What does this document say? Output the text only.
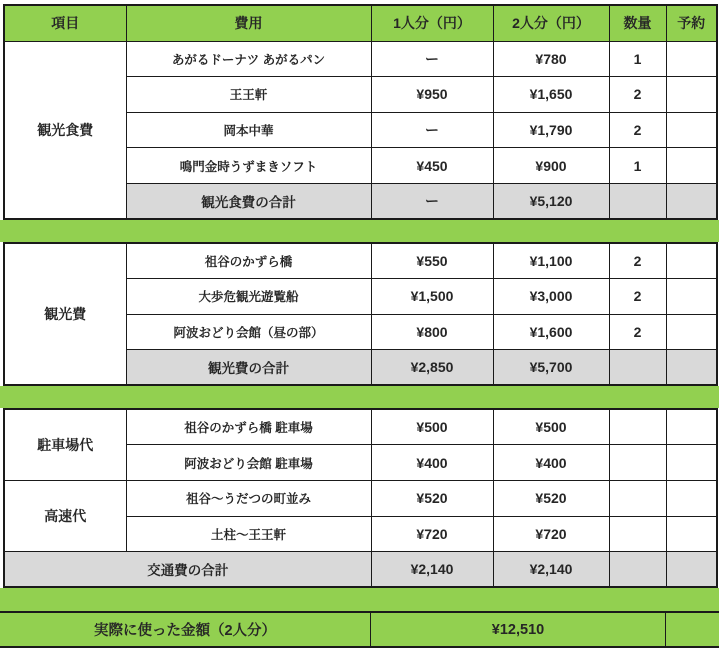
項目	費用	1人分（円）	2人分（円）	数量	予約
観光食費	あがるドーナツ あがるパン	ー	¥780	1	
	王王軒	¥950	¥1,650	2	
	岡本中華	ー	¥1,790	2	
	鳴門金時うずまきソフト	¥450	¥900	1	
	観光食費の合計	ー	¥5,120		
観光費	祖谷のかずら橋	¥550	¥1,100	2	
	大歩危観光遊覧船	¥1,500	¥3,000	2	
	阿波おどり会館（昼の部）	¥800	¥1,600	2	
	観光費の合計	¥2,850	¥5,700		
駐車場代	祖谷のかずら橋 駐車場	¥500	¥500		
	阿波おどり会館 駐車場	¥400	¥400		
高速代	祖谷～うだつの町並み	¥520	¥520		
	土柱～王王軒	¥720	¥720		
交通費の合計		¥2,140	¥2,140		
実際に使った金額（2人分）	¥12,510
